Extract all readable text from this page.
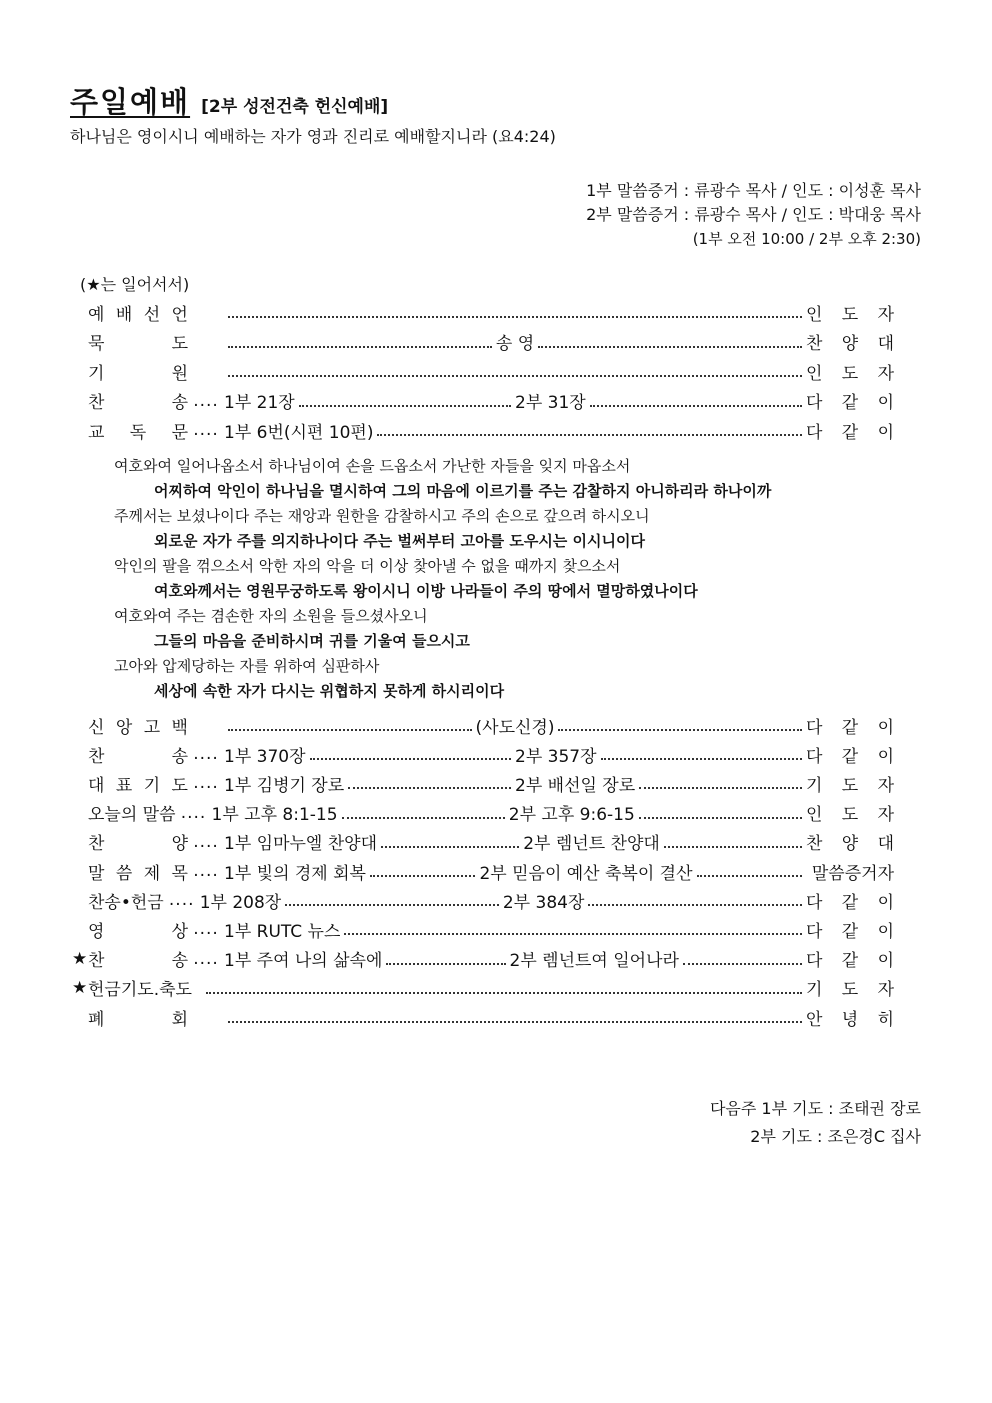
주일예배 [2부 성전건축 헌신예배]
하나님은 영이시니 예배하는 자가 영과 진리로 예배할지니라 (요4:24)
1부 말씀증거 : 류광수 목사 / 인도 : 이성훈 목사
2부 말씀증거 : 류광수 목사 / 인도 : 박대웅 목사
(1부 오전 10:00 / 2부 오후 2:30)
(★는 일어서서)
예 배 선 언	인 도 자
묵	도	송 영	찬 양 대
기	원	인 도 자
찬	송 .... 1부 21장	2부 31장	다 같 이
교 독 문 .... 1부 6번(시편 10편)	다 같 이
여호와여 일어나옵소서 하나님이여 손을 드옵소서 가난한 자들을 잊지 마옵소서
어찌하여 악인이 하나님을 멸시하여 그의 마음에 이르기를 주는 감찰하지 아니하리라 하나이까
주께서는 보셨나이다 주는 재앙과 원한을 감찰하시고 주의 손으로 갚으려 하시오니
외로운 자가 주를 의지하나이다 주는 벌써부터 고아를 도우시는 이시니이다
악인의 팔을 꺾으소서 악한 자의 악을 더 이상 찾아낼 수 없을 때까지 찾으소서
여호와께서는 영원무궁하도록 왕이시니 이방 나라들이 주의 땅에서 멸망하였나이다
여호와여 주는 겸손한 자의 소원을 들으셨사오니
그들의 마음을 준비하시며 귀를 기울여 들으시고
고아와 압제당하는 자를 위하여 심판하사
세상에 속한 자가 다시는 위협하지 못하게 하시리이다
신 앙 고 백	(사도신경)	다 같 이
찬	송 .... 1부 370장	2부 357장	다 같 이
대 표 기 도 .... 1부 김병기 장로	2부 배선일 장로	기 도 자
오늘의 말씀 .... 1부 고후 8:1-15	2부 고후 9:6-15	인 도 자
찬	양 .... 1부 임마누엘 찬양대	2부 렘넌트 찬양대	찬 양 대
말 씀 제 목 .... 1부 빛의 경제 회복	2부 믿음이 예산 축복이 결산	말씀증거자
찬송•헌금 .... 1부 208장	2부 384장	다 같 이
영	상 .... 1부 RUTC 뉴스	다 같 이
★ 찬	송 .... 1부 주여 나의 삶속에	2부 렘넌트여 일어나라	다 같 이
★ 헌금기도.축도	기 도 자
폐	회	안 녕 히
다음주 1부 기도 : 조태권 장로
2부 기도 : 조은경C 집사
